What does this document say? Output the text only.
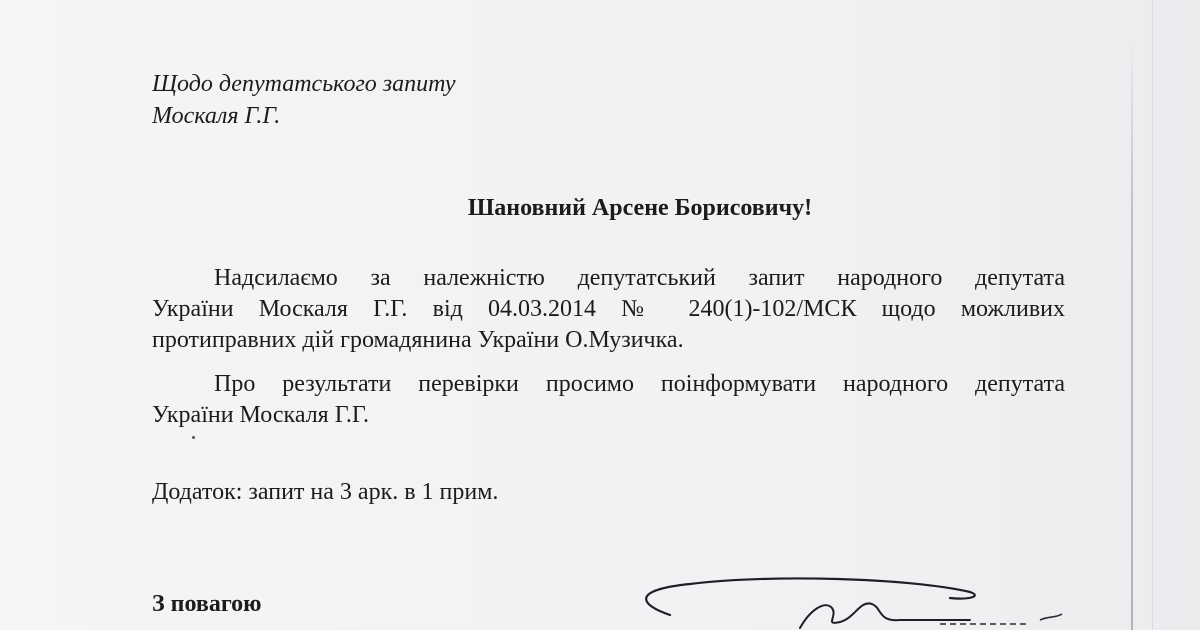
Щодо депутатського запиту
Москаля Г.Г.
Шановний Арсене Борисовичу!
Надсилаємо за належністю депутатський запит народного депутата
України Москаля Г.Г. від 04.03.2014 № 240(1)-102/МСК щодо можливих
протиправних дій громадянина України О.Музичка.
Про результати перевірки просимо поінформувати народного депутата
України Москаля Г.Г.
Додаток: запит на 3 арк. в 1 прим.
З повагою
